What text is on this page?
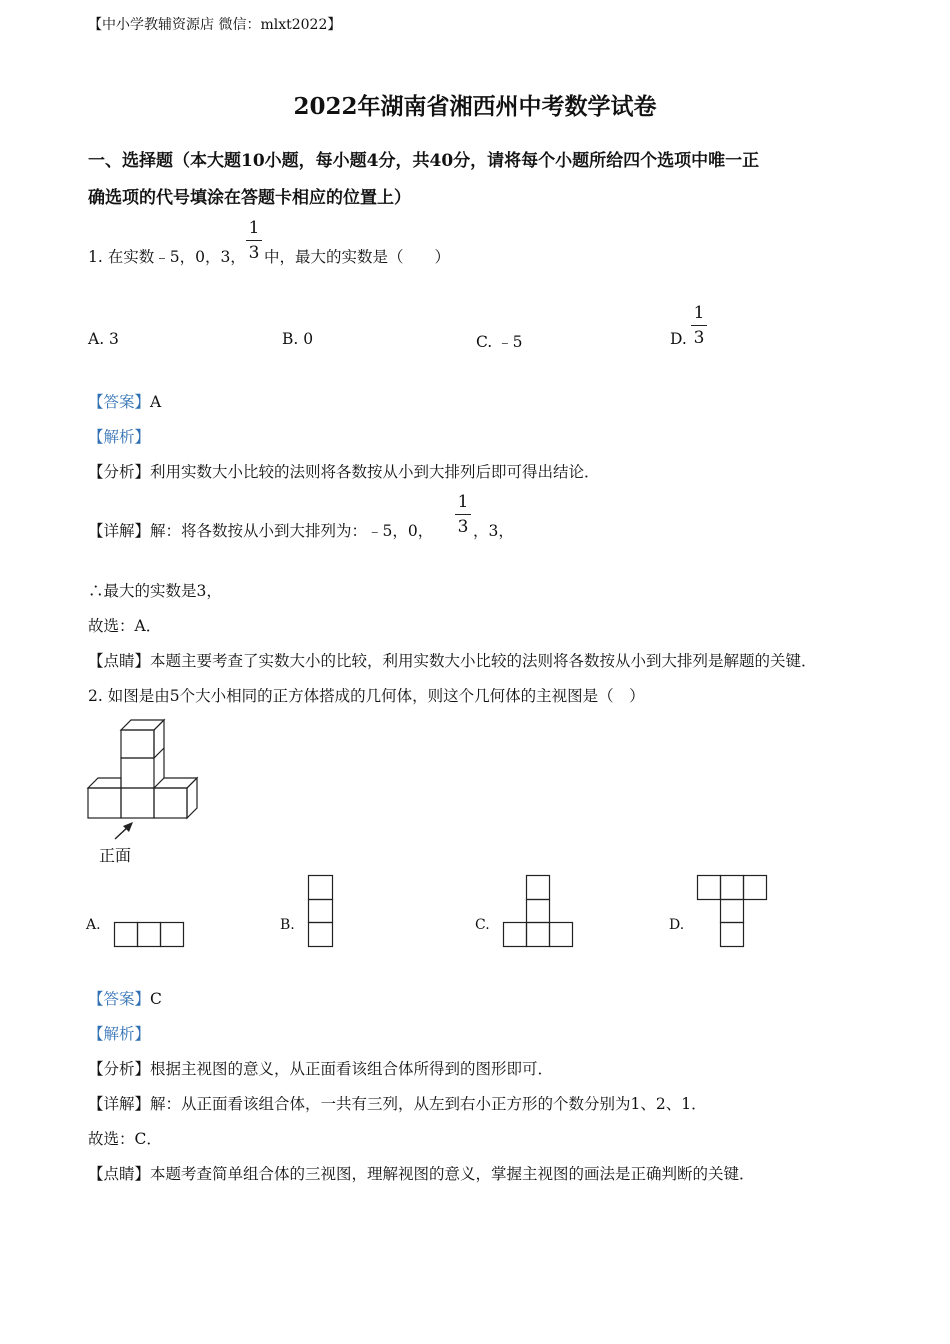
【中小学教辅资源店 微信：mlxt2022】
2022年湖南省湘西州中考数学试卷
一、选择题（本大题10小题，每小题4分，共40分，请将每个小题所给四个选项中唯一正
确选项的代号填涂在答题卡相应的位置上）
1. 在实数﹣5，0，3，
1
3 中，最大的实数是（　　）
A. 3	B. 0	C. ﹣5	D.
1
3
【答案】A
【解析】
【分析】利用实数大小比较的法则将各数按从小到大排列后即可得出结论．
【详解】解：将各数按从小到大排列为：﹣5，0，
1
3 ，3，
∴最大的实数是3，
故选：A．
【点睛】本题主要考查了实数大小的比较，利用实数大小比较的法则将各数按从小到大排列是解题的关键．
2. 如图是由5个大小相同的正方体搭成的几何体，则这个几何体的主视图是（　）
正面
A.	B.	C.	D.
【答案】C
【解析】
【分析】根据主视图的意义，从正面看该组合体所得到的图形即可．
【详解】解：从正面看该组合体，一共有三列，从左到右小正方形的个数分别为1、2、1．
故选：C．
【点睛】本题考查简单组合体的三视图，理解视图的意义，掌握主视图的画法是正确判断的关键．
